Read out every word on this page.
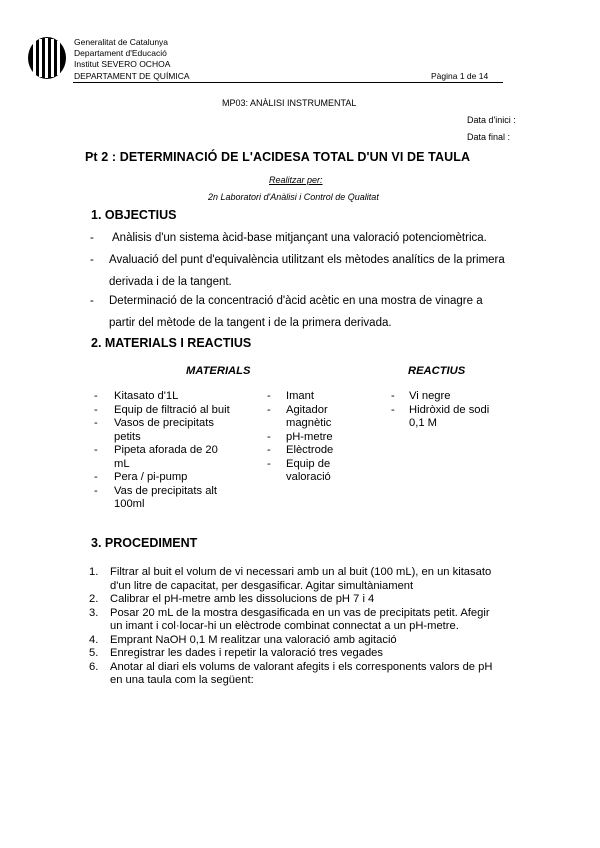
Generalitat de Catalunya
Departament d'Educació
Institut SEVERO OCHOA
DEPARTAMENT DE QUÍMICA	Pàgina 1 de 14
MP03: ANÀLISI INSTRUMENTAL
Data d'inici :
Data final :
Pt 2 : DETERMINACIÓ DE L'ACIDESA TOTAL D'UN VI DE TAULA
Realitzar per:
2n Laboratori d'Anàlisi i Control de Qualitat
1. OBJECTIUS
- Anàlisis d'un sistema àcid-base mitjançant una valoració potenciomètrica.
- Avaluació del punt d'equivalència utilitzant els mètodes analítics de la primera
derivada i de la tangent.
- Determinació de la concentració d'àcid acètic en una mostra de vinagre a
partir del mètode de la tangent i de la primera derivada.
2. MATERIALS I REACTIUS
MATERIALS	REACTIUS
- Kitasato d'1L
- Equip de filtració al buit
- Vasos de precipitats
petits
- Pipeta aforada de 20
mL
- Pera / pi-pump
- Vas de precipitats alt
100ml
- Imant
- Agitador
magnètic
- pH-metre
- Elèctrode
- Equip de
valoració
- Vi negre
- Hidròxid de sodi
0,1 M
3. PROCEDIMENT
1. Filtrar al buit el volum de vi necessari amb un al buit (100 mL), en un kitasato
d'un litre de capacitat, per desgasificar. Agitar simultàniament
2. Calibrar el pH-metre amb les dissolucions de pH 7 i 4
3. Posar 20 mL de la mostra desgasificada en un vas de precipitats petit. Afegir
un imant i col·locar-hi un elèctrode combinat connectat a un pH-metre.
4. Emprant NaOH 0,1 M realitzar una valoració amb agitació
5. Enregistrar les dades i repetir la valoració tres vegades
6. Anotar al diari els volums de valorant afegits i els corresponents valors de pH
en una taula com la següent:
